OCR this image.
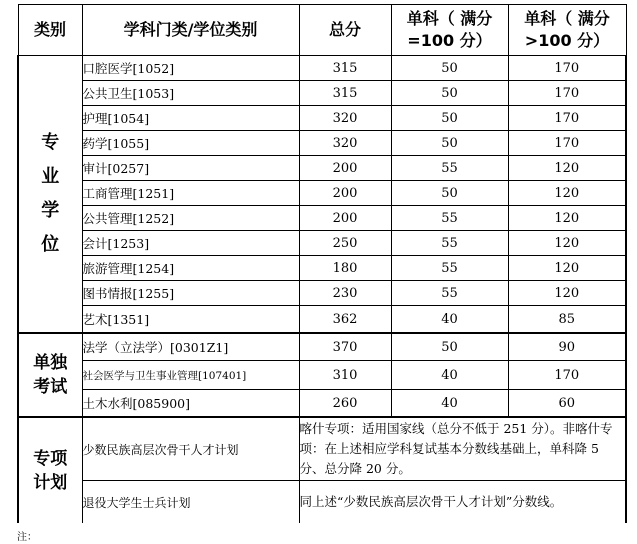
类别	学科门类/学位类别	总分	单科（ 满分=100 分）	单科（ 满分>100 分）

专
业
学
位	口腔医学[1052]	315	50	170
	公共卫生[1053]	315	50	170
	护理[1054]	320	50	170
	药学[1055]	320	50	170
	审计[0257]	200	55	120
	工商管理[1251]	200	50	120
	公共管理[1252]	200	55	120
	会计[1253]	250	55	120
	旅游管理[1254]	180	55	120
	图书情报[1255]	230	55	120
	艺术[1351]	362	40	85
单独
考试	法学（立法学）[0301Z1]	370	50	90
	社会医学与卫生事业管理[107401]	310	40	170
	土木水利[085900]	260	40	60
专项
计划	少数民族高层次骨干人才计划	喀什专项：适用国家线（总分不低于 251 分）。非喀什专项：在上述相应学科复试基本分数线基础上，单科降 5 分、总分降 20 分。		
	退役大学生士兵计划	同上述“少数民族高层次骨干人才计划”分数线。		
注：
